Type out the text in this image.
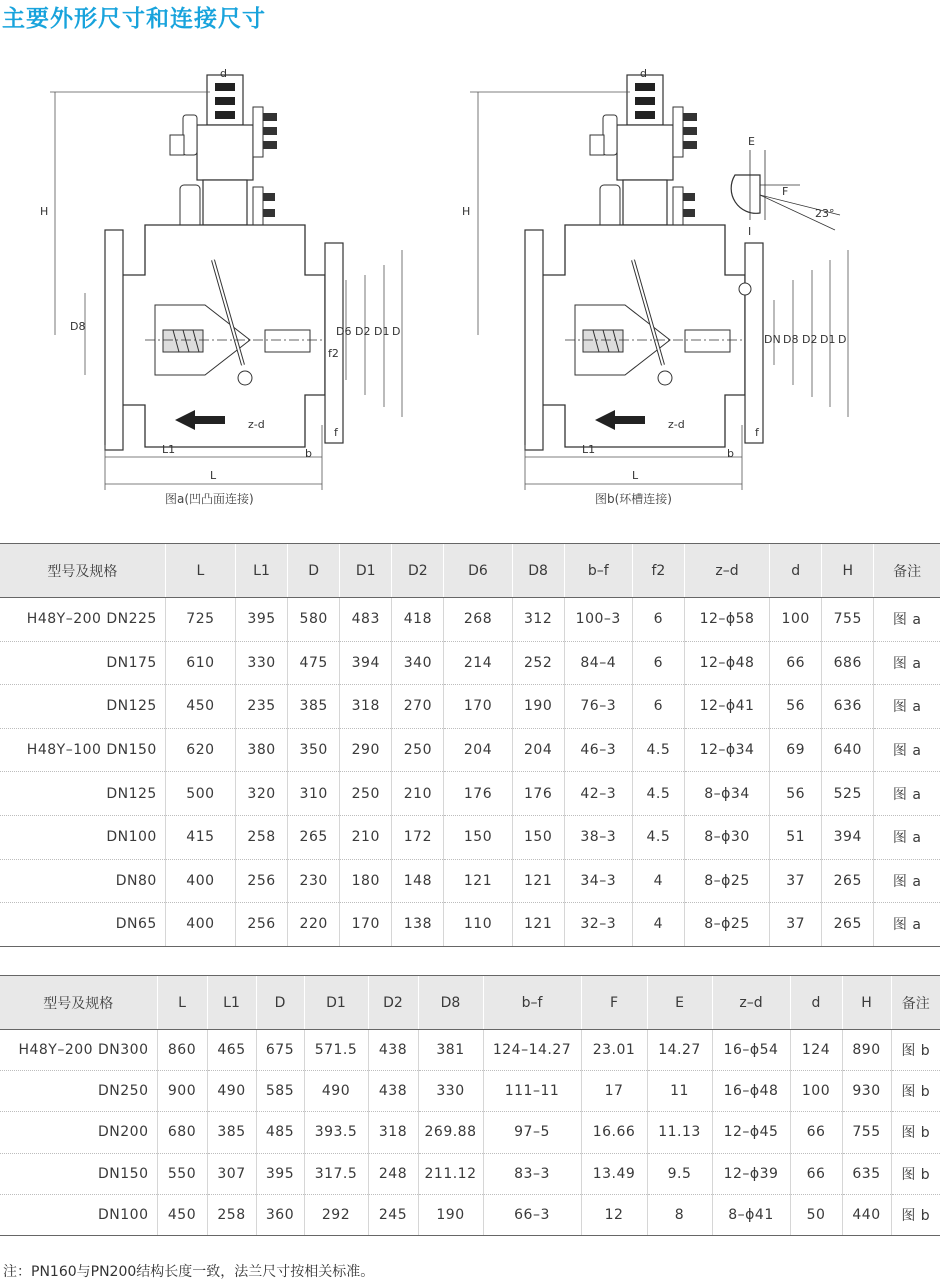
主要外形尺寸和连接尺寸
d
H
D8	D6 D2 D1 D
f2
z-d
f
L1	b
L
d
H
E
F
23°
I
DN D8 D2 D1 D
z-d
f
L1	b
L
图a(凹凸面连接)	图b(环槽连接)
型号及规格	L	L1	D	D1	D2	D6	D8	b–f	f2	z–d	d	H	备注
H48Y–200 DN225	725	395	580	483	418	268	312	100–3	6	12–ϕ58	100	755	图 a
DN175	610	330	475	394	340	214	252	84–4	6	12–ϕ48	66	686	图 a
DN125	450	235	385	318	270	170	190	76–3	6	12–ϕ41	56	636	图 a
H48Y–100 DN150	620	380	350	290	250	204	204	46–3	4.5	12–ϕ34	69	640	图 a
DN125	500	320	310	250	210	176	176	42–3	4.5	8–ϕ34	56	525	图 a
DN100	415	258	265	210	172	150	150	38–3	4.5	8–ϕ30	51	394	图 a
DN80	400	256	230	180	148	121	121	34–3	4	8–ϕ25	37	265	图 a
DN65	400	256	220	170	138	110	121	32–3	4	8–ϕ25	37	265	图 a
型号及规格	L	L1	D	D1	D2	D8	b–f	F	E	z–d	d	H	备注
H48Y–200 DN300	860	465	675	571.5	438	381	124–14.27	23.01	14.27	16–ϕ54	124	890	图 b
DN250	900	490	585	490	438	330	111–11	17	11	16–ϕ48	100	930	图 b
DN200	680	385	485	393.5	318	269.88	97–5	16.66	11.13	12–ϕ45	66	755	图 b
DN150	550	307	395	317.5	248	211.12	83–3	13.49	9.5	12–ϕ39	66	635	图 b
DN100	450	258	360	292	245	190	66–3	12	8	8–ϕ41	50	440	图 b
注：PN160与PN200结构长度一致，法兰尺寸按相关标准。
